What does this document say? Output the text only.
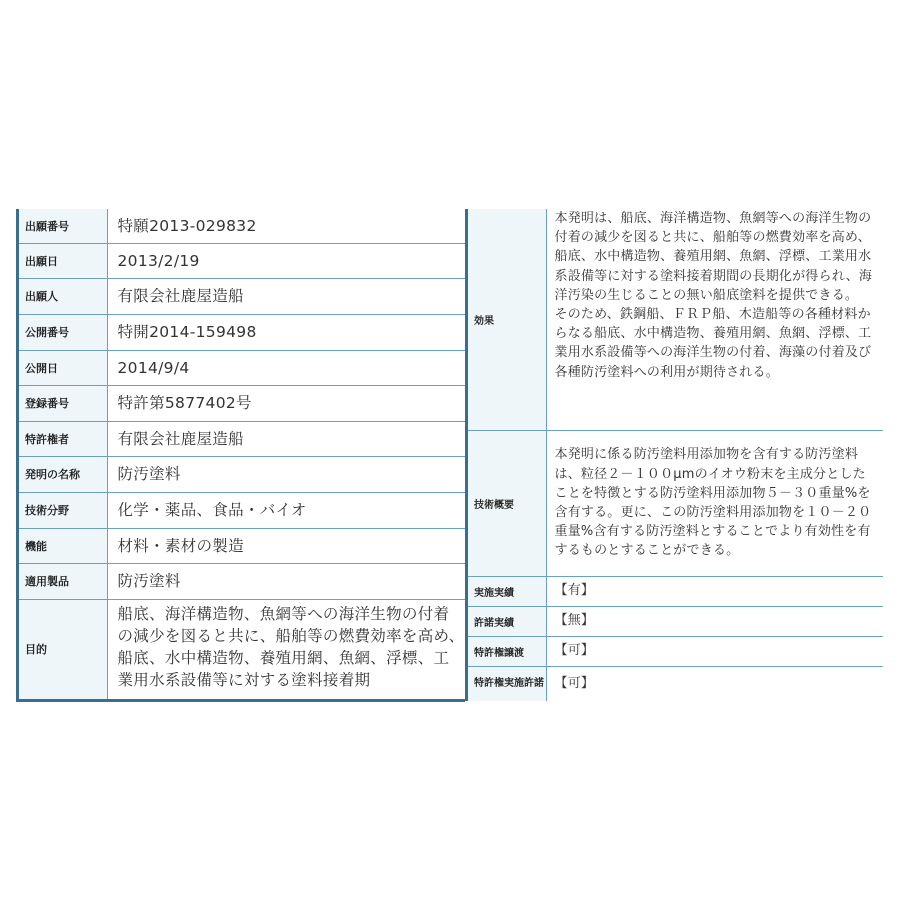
出願番号	特願2013-029832
出願日	2013/2/19
出願人	有限会社鹿屋造船
公開番号	特開2014-159498
公開日	2014/9/4
登録番号	特許第5877402号
特許権者	有限会社鹿屋造船
発明の名称	防汚塗料
技術分野	化学・薬品、食品・バイオ
機能	材料・素材の製造
適用製品	防汚塗料
目的	船底、海洋構造物、魚網等への海洋生物の付着の減少を図ると共に、船舶等の燃費効率を高め、船底、水中構造物、養殖用網、魚網、浮標、工業用水系設備等に対する塗料接着期
効果	本発明は、船底、海洋構造物、魚網等への海洋生物の付着の減少を図ると共に、船舶等の燃費効率を高め、船底、水中構造物、養殖用網、魚網、浮標、工業用水系設備等に対する塗料接着期間の長期化が得られ、海洋汚染の生じることの無い船底塗料を提供できる。
そのため、鉄鋼船、ＦＲＰ船、木造船等の各種材料からなる船底、水中構造物、養殖用網、魚網、浮標、工業用水系設備等への海洋生物の付着、海藻の付着及び各種防汚塗料への利用が期待される。

技術概要	本発明に係る防汚塗料用添加物を含有する防汚塗料は、粒径２－１００μmのイオウ粉末を主成分としたことを特徴とする防汚塗料用添加物５－３０重量%を含有する。更に、この防汚塗料用添加物を１０－２０重量%含有する防汚塗料とすることでより有効性を有するものとすることができる。
実施実績	【有】
許諾実績	【無】
特許権譲渡	【可】
特許権実施許諾	【可】
